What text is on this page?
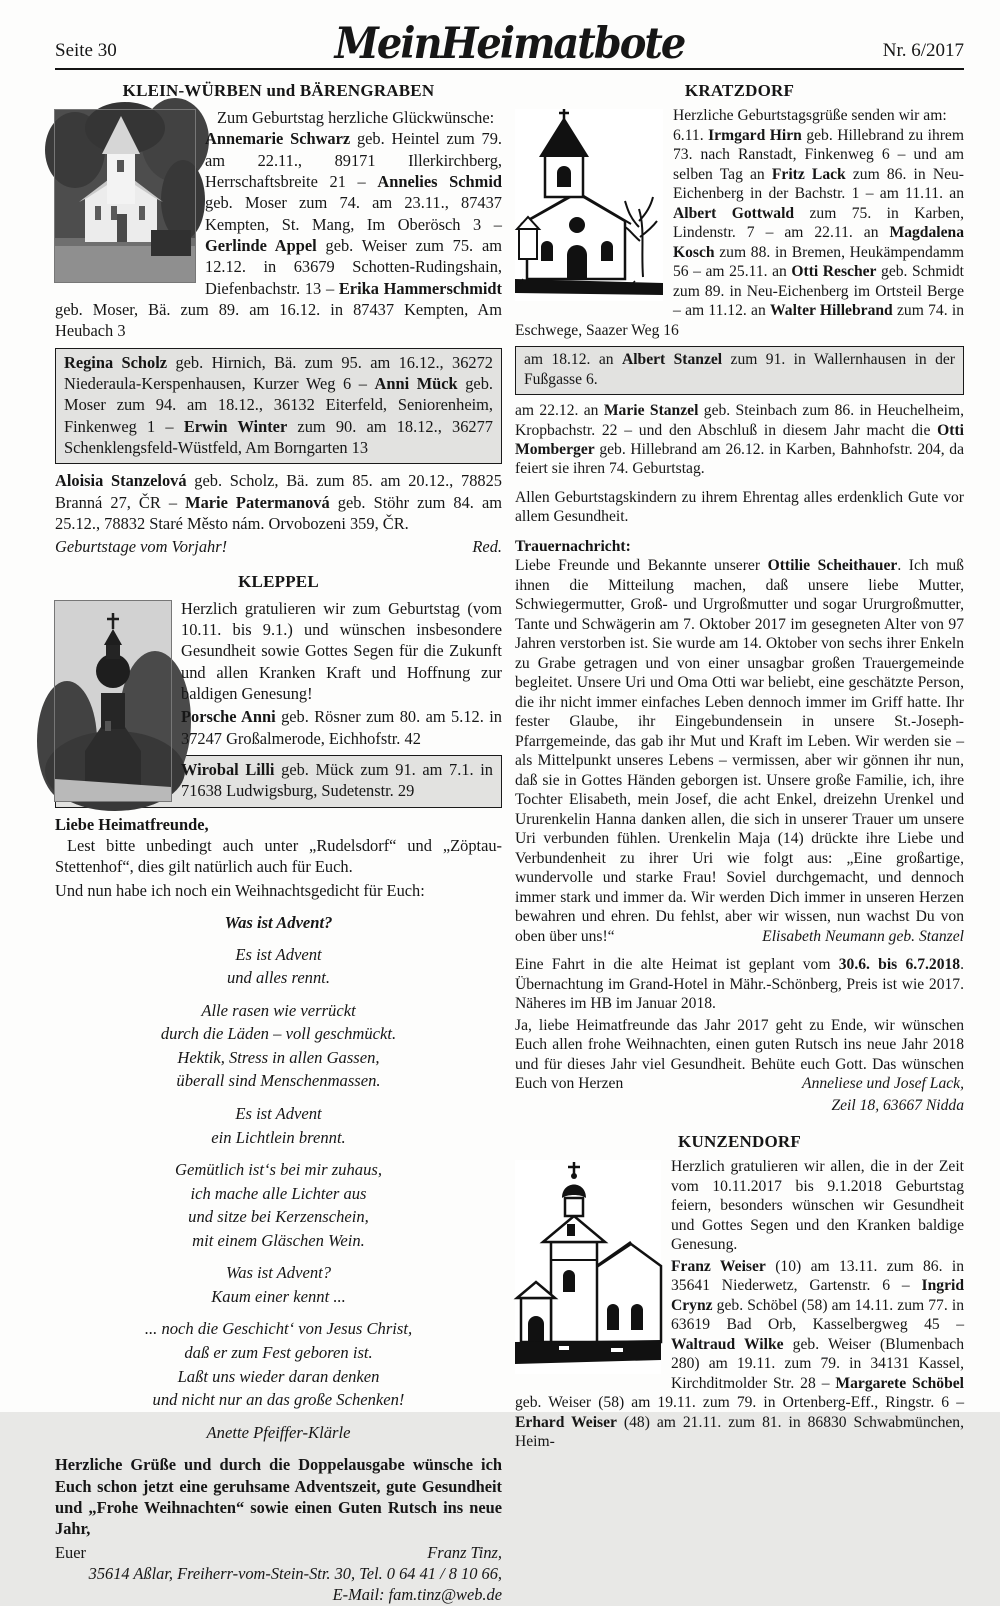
Seite 30	MeinHeimatbote	Nr. 6/2017
KLEIN-WÜRBEN und BÄRENGRABEN

Zum Geburtstag herzliche Glückwünsche:
Annemarie Schwarz geb. Heintel zum 79. am 22.11., 89171 Illerkirchberg, Herrschaftsbreite 21 – Annelies Schmid geb. Moser zum 74. am 23.11., 87437 Kempten, St. Mang, Im Oberösch 3 – Gerlinde Appel geb. Weiser zum 75. am 12.12. in 63679 Schotten-Rudingshain, Diefenbachstr. 13 – Erika Hammerschmidt geb. Moser, Bä. zum 89. am 16.12. in 87437 Kempten, Am Heubach 3

Regina Scholz geb. Hirnich, Bä. zum 95. am 16.12., 36272 Niederaula-Kerspenhausen, Kurzer Weg 6 – Anni Mück geb. Moser zum 94. am 18.12., 36132 Eiterfeld, Seniorenheim, Finkenweg 1 – Erwin Winter zum 90. am 18.12., 36277 Schenklengsfeld-Wüstfeld, Am Borngarten 13

Aloisia Stanzelová geb. Scholz, Bä. zum 85. am 20.12., 78825 Branná 27, ČR – Marie Patermanová geb. Stöhr zum 84. am 25.12., 78832 Staré Město nám. Orvobozeni 359, ČR.

Geburtstage vom Vorjahr!	Red.
KLEPPEL

Herzlich gratulieren wir zum Geburtstag (vom 10.11. bis 9.1.) und wünschen insbesondere Gesundheit sowie Gottes Segen für die Zukunft und allen Kranken Kraft und Hoffnung zur baldigen Genesung!

Porsche Anni geb. Rösner zum 80. am 5.12. in 37247 Großalmerode, Eichhofstr. 42

Wirobal Lilli geb. Mück zum 91. am 7.1. in 71638 Ludwigsburg, Sudetenstr. 29

Liebe Heimatfreunde,

Lest bitte unbedingt auch unter „Rudelsdorf“ und „Zöptau-Stettenhof“, dies gilt natürlich auch für Euch.

Und nun habe ich noch ein Weihnachtsgedicht für Euch:

Was ist Advent?
Es ist Advent
und alles rennt.
Alle rasen wie verrückt
durch die Läden – voll geschmückt.
Hektik, Stress in allen Gassen,
überall sind Menschenmassen.
Es ist Advent
ein Lichtlein brennt.
Gemütlich ist‘s bei mir zuhaus,
ich mache alle Lichter aus
und sitze bei Kerzenschein,
mit einem Gläschen Wein.
Was ist Advent?
Kaum einer kennt ...
... noch die Geschicht‘ von Jesus Christ,
daß er zum Fest geboren ist.
Laßt uns wieder daran denken
und nicht nur an das große Schenken!
Anette Pfeiffer-Klärle

Herzliche Grüße und durch die Doppelausgabe wünsche ich Euch schon jetzt eine geruhsame Adventszeit, gute Gesundheit und „Frohe Weihnachten“ sowie einen Guten Rutsch ins neue Jahr,

Euer	Franz Tinz,
35614 Aßlar, Freiherr-vom-Stein-Str. 30, Tel. 0 64 41 / 8 10 66,
E-Mail: fam.tinz@web.de
KRATZDORF

Herzliche Geburtstagsgrüße senden wir am:
6.11. Irmgard Hirn geb. Hillebrand zu ihrem 73. nach Ranstadt, Finkenweg 6 – und am selben Tag an Fritz Lack zum 86. in Neu-Eichenberg in der Bachstr. 1 – am 11.11. an Albert Gottwald zum 75. in Karben, Lindenstr. 7 – am 22.11. an Magdalena Kosch zum 88. in Bremen, Heukämpendamm 56 – am 25.11. an Otti Rescher geb. Schmidt zum 89. in Neu-Eichenberg im Ortsteil Berge – am 11.12. an Walter Hillebrand zum 74. in Eschwege, Saazer Weg 16

am 18.12. an Albert Stanzel zum 91. in Wallernhausen in der Fußgasse 6.

am 22.12. an Marie Stanzel geb. Steinbach zum 86. in Heuchelheim, Kropbachstr. 22 – und den Abschluß in diesem Jahr macht die Otti Momberger geb. Hillebrand am 26.12. in Karben, Bahnhofstr. 204, da feiert sie ihren 74. Geburtstag.

Allen Geburtstagskindern zu ihrem Ehrentag alles erdenklich Gute vor allem Gesundheit.

Trauernachricht:

Liebe Freunde und Bekannte unserer Ottilie Scheithauer. Ich muß ihnen die Mitteilung machen, daß unsere liebe Mutter, Schwiegermutter, Groß- und Urgroßmutter und sogar Ururgroßmutter, Tante und Schwägerin am 7. Oktober 2017 im gesegneten Alter von 97 Jahren verstorben ist. Sie wurde am 14. Oktober von sechs ihrer Enkeln zu Grabe getragen und von einer unsagbar großen Trauergemeinde begleitet. Unsere Uri und Oma Otti war beliebt, eine geschätzte Person, die ihr nicht immer einfaches Leben dennoch immer im Griff hatte. Ihr fester Glaube, ihr Eingebundensein in unsere St.-Joseph-Pfarrgemeinde, das gab ihr Mut und Kraft im Leben. Wir werden sie – als Mittelpunkt unseres Lebens – vermissen, aber wir gönnen ihr nun, daß sie in Gottes Händen geborgen ist. Unsere große Familie, ich, ihre Tochter Elisabeth, mein Josef, die acht Enkel, dreizehn Urenkel und Ururenkelin Hanna danken allen, die sich in unserer Trauer um unsere Uri verbunden fühlen. Urenkelin Maja (14) drückte ihre Liebe und Verbundenheit zu ihrer Uri wie folgt aus: „Eine großartige, wundervolle und starke Frau! Soviel durchgemacht, und dennoch immer stark und immer da. Wir werden Dich immer in unseren Herzen bewahren und ehren. Du fehlst, aber wir wissen, nun wachst Du von oben über uns!“	Elisabeth Neumann geb. Stanzel

Eine Fahrt in die alte Heimat ist geplant vom 30.6. bis 6.7.2018. Übernachtung im Grand-Hotel in Mähr.-Schönberg, Preis ist wie 2017. Näheres im HB im Januar 2018.

Ja, liebe Heimatfreunde das Jahr 2017 geht zu Ende, wir wünschen Euch allen frohe Weihnachten, einen guten Rutsch ins neue Jahr 2018 und für dieses Jahr viel Gesundheit. Behüte euch Gott. Das wünschen Euch von Herzen	Anneliese und Josef Lack,

Zeil 18, 63667 Nidda
KUNZENDORF

Herzlich gratulieren wir allen, die in der Zeit vom 10.11.2017 bis 9.1.2018 Geburtstag feiern, besonders wünschen wir Gesundheit und Gottes Segen und den Kranken baldige Genesung.

Franz Weiser (10) am 13.11. zum 86. in 35641 Niederwetz, Gartenstr. 6 – Ingrid Crynz geb. Schöbel (58) am 14.11. zum 77. in 63619 Bad Orb, Kasselbergweg 45 – Waltraud Wilke geb. Weiser (Blumenbach 280) am 19.11. zum 79. in 34131 Kassel, Kirchditmolder Str. 28 – Margarete Schöbel geb. Weiser (58) am 19.11. zum 79. in Ortenberg-Eff., Ringstr. 6 – Erhard Weiser (48) am 21.11. zum 81. in 86830 Schwabmünchen, Heim-
